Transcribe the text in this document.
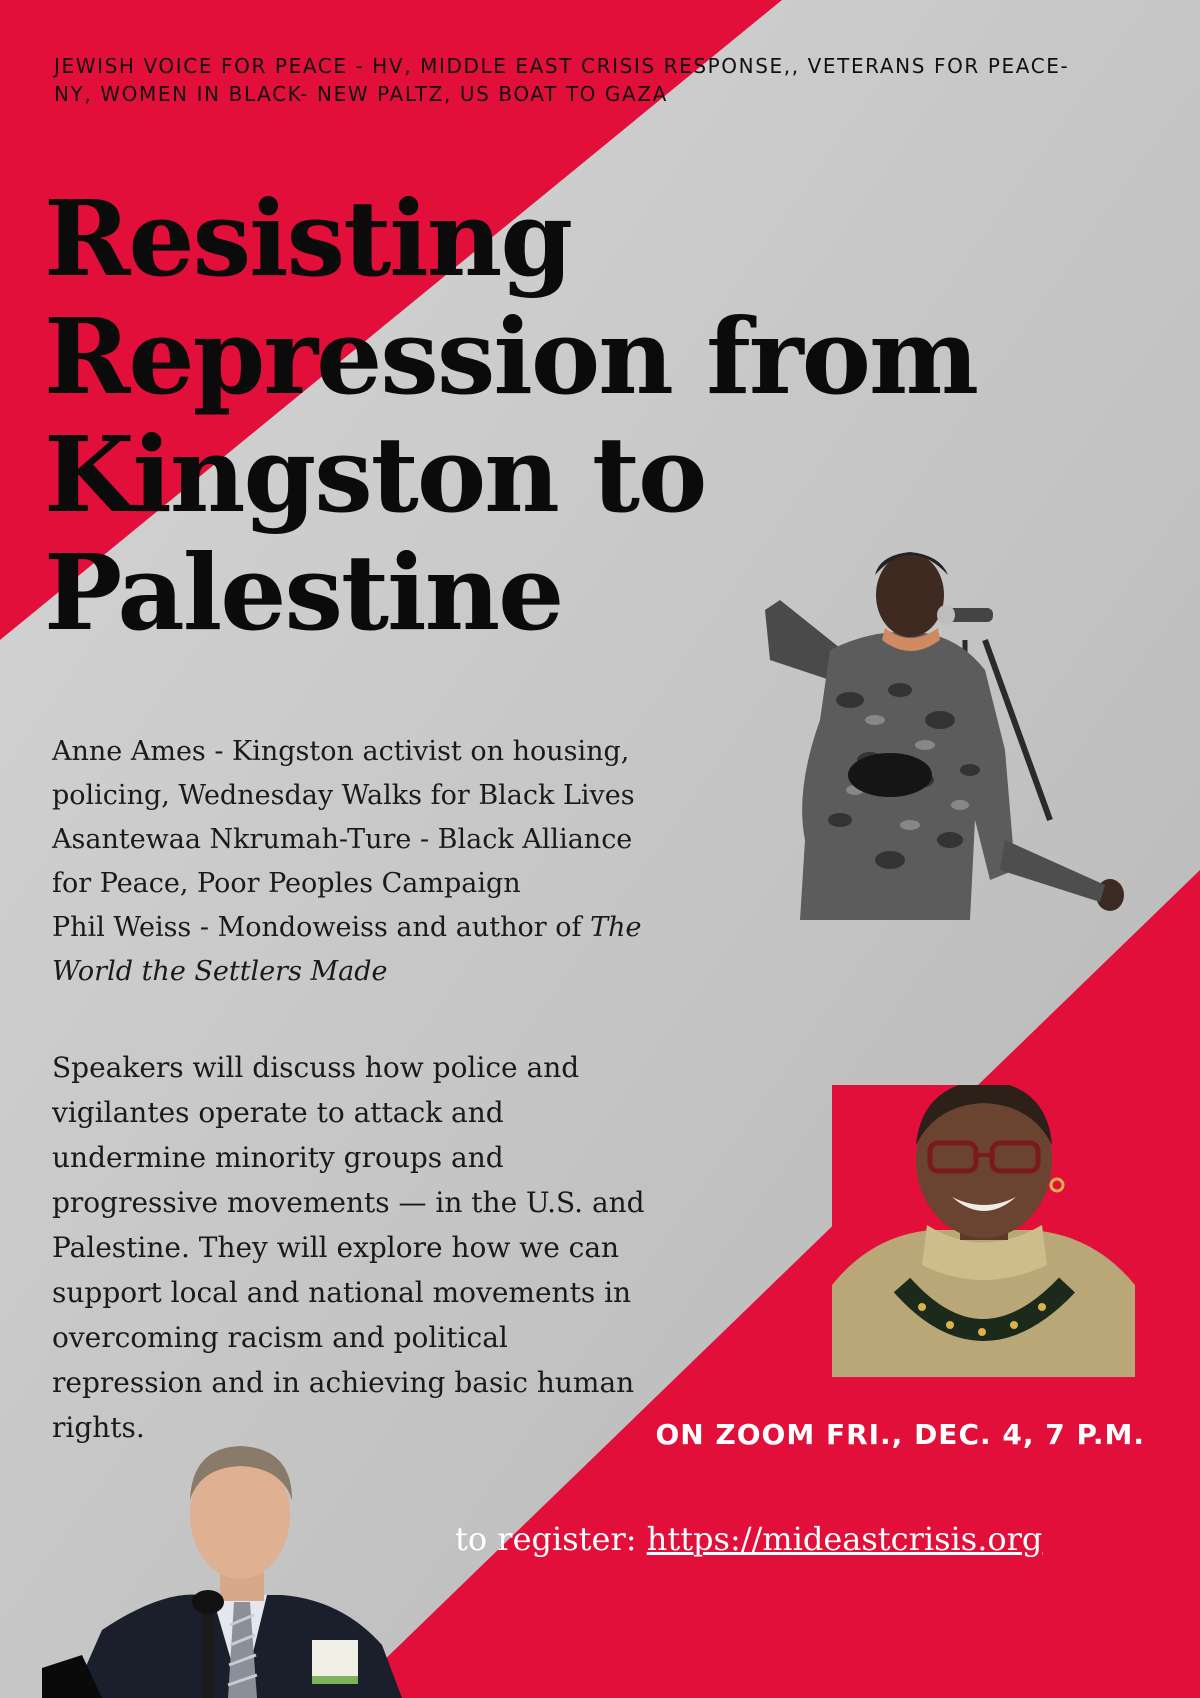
JEWISH VOICE FOR PEACE - HV, MIDDLE EAST CRISIS RESPONSE,, VETERANS FOR PEACE-NY, WOMEN IN BLACK- NEW PALTZ, US BOAT TO GAZA

Resisting
Repression from
Kingston to
Palestine
Anne Ames - Kingston activist on housing,
policing, Wednesday Walks for Black Lives
Asantewaa Nkrumah-Ture - Black Alliance
for Peace, Poor Peoples Campaign
Phil Weiss - Mondoweiss and author of The
World the Settlers Made
Speakers will discuss how police and
vigilantes operate to attack and
undermine minority groups and
progressive movements — in the U.S. and
Palestine. They will explore how we can
support local and national movements in
overcoming racism and political
repression and in achieving basic human
rights.	ON ZOOM FRI., DEC. 4, 7 P.M.

to register: https://mideastcrisis.org
